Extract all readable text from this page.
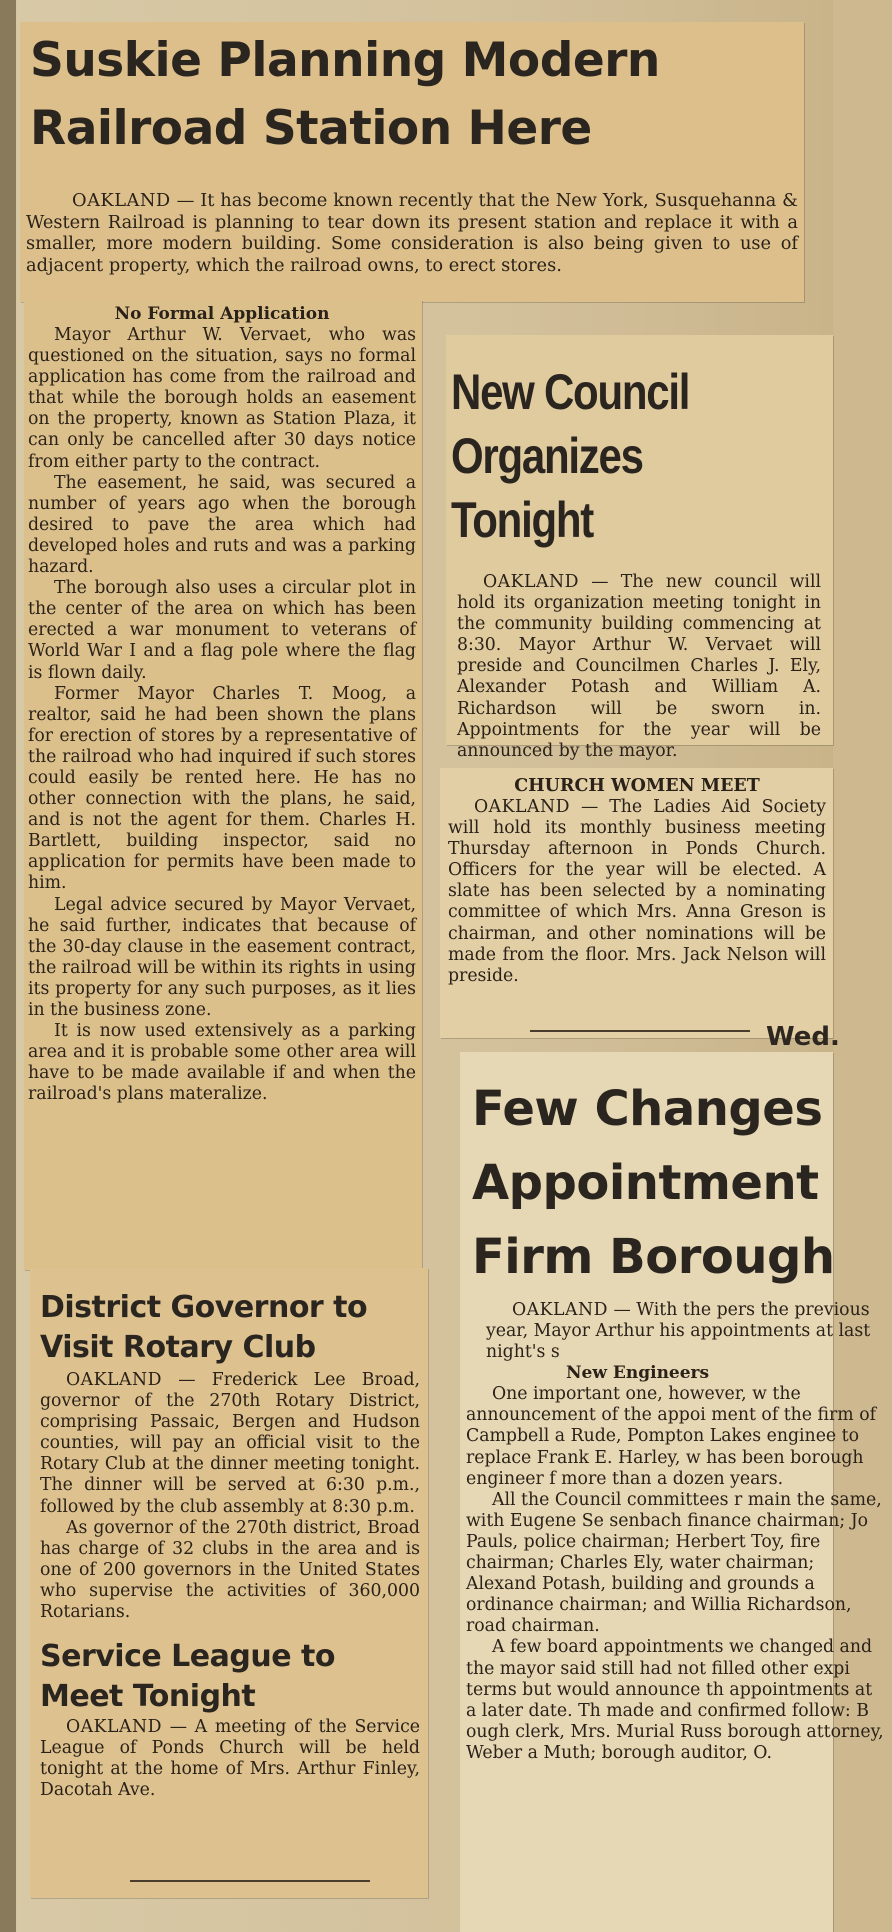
Suskie Planning Modern
Railroad Station Here
OAKLAND — It has become known recently that the New York, Susquehanna & Western Railroad is planning to tear down its present station and replace it with a smaller, more modern building. Some consideration is also being given to use of adjacent property, which the railroad owns, to erect stores.
No Formal Application

Mayor Arthur W. Vervaet, who was questioned on the situation, says no formal application has come from the railroad and that while the borough holds an easement on the property, known as Station Plaza, it can only be cancelled after 30 days notice from either party to the contract.

The easement, he said, was secured a number of years ago when the borough desired to pave the area which had developed holes and ruts and was a parking hazard.

The borough also uses a circular plot in the center of the area on which has been erected a war monument to veterans of World War I and a flag pole where the flag is flown daily.

Former Mayor Charles T. Moog, a realtor, said he had been shown the plans for erection of stores by a representative of the railroad who had inquired if such stores could easily be rented here. He has no other connection with the plans, he said, and is not the agent for them. Charles H. Bartlett, building inspector, said no application for permits have been made to him.

Legal advice secured by Mayor Vervaet, he said further, indicates that because of the 30-day clause in the easement contract, the railroad will be within its rights in using its property for any such purposes, as it lies in the business zone.

It is now used extensively as a parking area and it is probable some other area will have to be made available if and when the railroad's plans materalize.

District Governor to
Visit Rotary Club

OAKLAND — Frederick Lee Broad, governor of the 270th Rotary District, comprising Passaic, Bergen and Hudson counties, will pay an official visit to the Rotary Club at the dinner meeting tonight. The dinner will be served at 6:30 p.m., followed by the club assembly at 8:30 p.m.

As governor of the 270th district, Broad has charge of 32 clubs in the area and is one of 200 governors in the United States who supervise the activities of 360,000 Rotarians.

Service League to
Meet Tonight

OAKLAND — A meeting of the Service League of Ponds Church will be held tonight at the home of Mrs. Arthur Finley, Dacotah Ave.

New Council
Organizes Tonight

OAKLAND — The new council will hold its organization meeting tonight in the community building commencing at 8:30. Mayor Arthur W. Vervaet will preside and Councilmen Charles J. Ely, Alexander Potash and William A. Richardson will be sworn in. Appointments for the year will be announced by the mayor.

CHURCH WOMEN MEET

OAKLAND — The Ladies Aid Society will hold its monthly business meeting Thursday afternoon in Ponds Church. Officers for the year will be elected. A slate has been selected by a nominating committee of which Mrs. Anna Greson is chairman, and other nominations will be made from the floor. Mrs. Jack Nelson will preside.

Wed.
Few Changes
Appointment
Firm Borough

OAKLAND — With the pers the previous year, Mayor Arthur his appointments at last night's s

New Engineers

One important one, however, w the announcement of the appoi ment of the firm of Campbell a Rude, Pompton Lakes enginee to replace Frank E. Harley, w has been borough engineer f more than a dozen years.

All the Council committees r main the same, with Eugene Se senbach finance chairman; Jo Pauls, police chairman; Herbert Toy, fire chairman; Charles Ely, water chairman; Alexand Potash, building and grounds a ordinance chairman; and Willia Richardson, road chairman.

A few board appointments we changed and the mayor said still had not filled other expi terms but would announce th appointments at a later date. Th made and confirmed follow: B ough clerk, Mrs. Murial Russ borough attorney, Weber a Muth; borough auditor, O.
